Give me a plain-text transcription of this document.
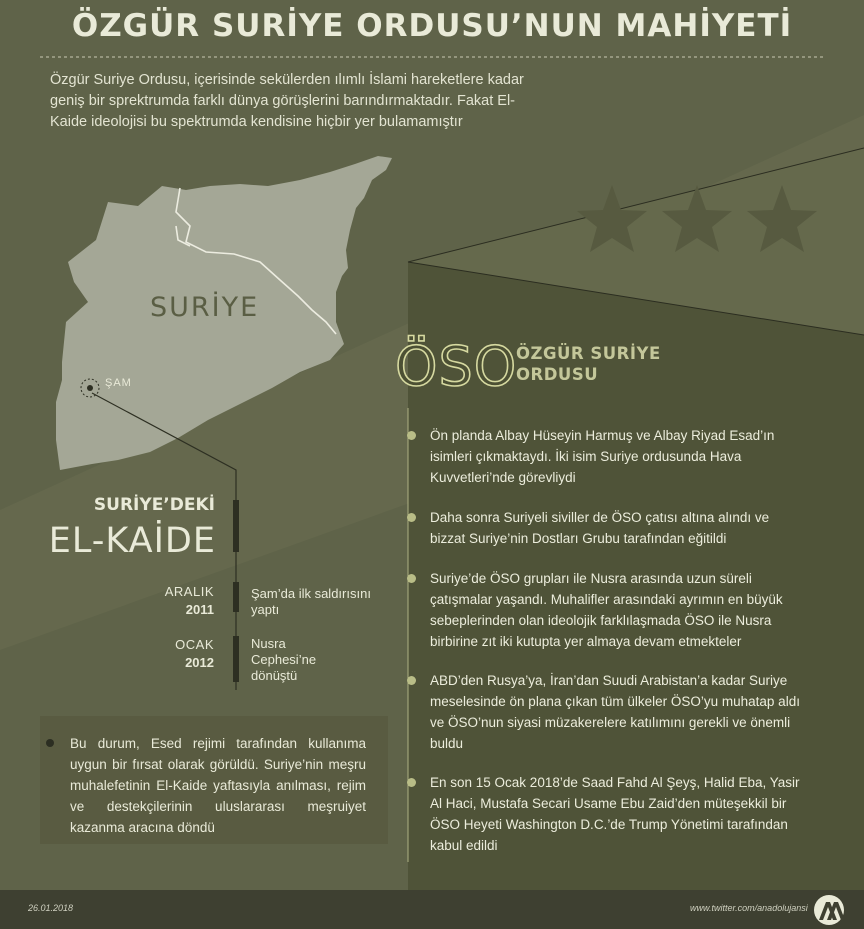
ÖZGÜR SURİYE ORDUSU’NUN MAHİYETİ
Özgür Suriye Ordusu, içerisinde sekülerden ılımlı İslami hareketlere kadar geniş bir sprektrumda farklı dünya görüşlerini barındırmaktadır. Fakat El-Kaide ideolojisi bu spektrumda kendisine hiçbir yer bulamamıştır
SURİYE
ŞAM	ÖSO
ÖZGÜR SURİYE
ORDUSU
Ön planda Albay Hüseyin Harmuş ve Albay Riyad Esad’ın isimleri çıkmaktaydı. İki isim Suriye ordusunda Hava Kuvvetleri’nde görevliydi
Daha sonra Suriyeli siviller de ÖSO çatısı altına alındı ve bizzat Suriye’nin Dostları Grubu tarafından eğitildi
Suriye’de ÖSO grupları ile Nusra arasında uzun süreli çatışmalar yaşandı. Muhalifler arasındaki ayrımın en büyük sebeplerinden olan ideolojik farklılaşmada ÖSO ile Nusra birbirine zıt iki kutupta yer almaya devam etmekteler
ABD’den Rusya’ya, İran’dan Suudi Arabistan’a kadar Suriye meselesinde ön plana çıkan tüm ülkeler ÖSO’yu muhatap aldı ve ÖSO’nun siyasi müzakerelere katılımını gerekli ve önemli buldu
En son 15 Ocak 2018’de Saad Fahd Al Şeyş, Halid Eba, Yasir Al Haci, Mustafa Secari Usame Ebu Zaid’den müteşekkil bir ÖSO Heyeti Washington D.C.’de Trump Yönetimi tarafından kabul edildi
SURİYE’DEKİ
EL-KAİDE
ARALIK
2011
Şam’da ilk saldırısını yaptı
OCAK
2012
Nusra Cephesi’ne dönüştü
Bu durum, Esed rejimi tarafından kullanıma uygun bir fırsat olarak görüldü. Suriye’nin meşru muhalefetinin El-Kaide yaftasıyla anılması, rejim ve destekçilerinin uluslararası meşruiyet kazanma aracına döndü
26.01.2018	www.twitter.com/anadolujansi
